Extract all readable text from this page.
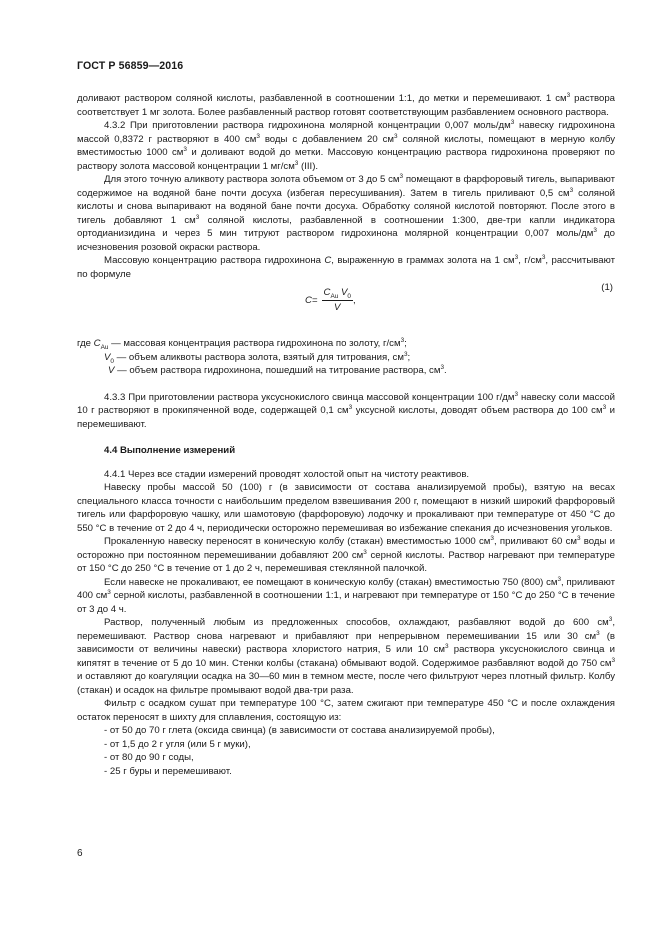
ГОСТ Р 56859—2016

доливают раствором соляной кислоты, разбавленной в соотношении 1:1, до метки и перемешивают. 1 $см^3$ раствора соответствует 1 мг золота. Более разбавленный раствор готовят соответствующим разбавлением основного раствора.

4.3.2 При приготовлении раствора гидрохинона молярной концентрации 0,007 моль/$дм^3$ навеску гидрохинона массой 0,8372 г растворяют в 400 $см^3$ воды с добавлением 20 $см^3$ соляной кислоты, помещают в мерную колбу вместимостью 1000 $см^3$ и доливают водой до метки. Массовую концентрацию раствора гидрохинона проверяют по раствору золота массовой концентрации 1 $мг/см^3$ (III).

Для этого точную аликвоту раствора золота объемом от 3 до 5 $см^3$ помещают в фарфоровый тигель, выпаривают содержимое на водяной бане почти досуха (избегая пересушивания). Затем в тигель приливают 0,5 $см^3$ соляной кислоты и снова выпаривают на водяной бане почти досуха. Обработку соляной кислотой повторяют. После этого в тигель добавляют 1 $см^3$ соляной кислоты, разбавленной в соотношении 1:300, две-три капли индикатора ортодианизидина и через 5 мин титруют раствором гидрохинона молярной концентрации 0,007 моль/$дм^3$ до исчезновения розовой окраски раствора.

Массовую концентрацию раствора гидрохинона C, выраженную в граммах золота на 1 $см^3$, $г/см^3$, рассчитывают по формуле

$C = \frac{C_{Au} V_0}{V}$ ,
(1)

где $C_{Au}$ — массовая концентрация раствора гидрохинона по золоту, $г/см^3$;

$V_0$ — объем аликвоты раствора золота, взятый для титрования, $см^3$;

V — объем раствора гидрохинона, пошедший на титрование раствора, $см^3$.

4.3.3 При приготовлении раствора уксуснокислого свинца массовой концентрации 100 $г/дм^3$ навеску соли массой 10 г растворяют в прокипяченной воде, содержащей 0,1 $см^3$ уксусной кислоты, доводят объем раствора до 100 $см^3$ и перемешивают.

4.4 Выполнение измерений

4.4.1 Через все стадии измерений проводят холостой опыт на чистоту реактивов.

Навеску пробы массой 50 (100) г (в зависимости от состава анализируемой пробы), взятую на весах специального класса точности с наибольшим пределом взвешивания 200 г, помещают в низкий широкий фарфоровый тигель или фарфоровую чашку, или шамотовую (фарфоровую) лодочку и прокаливают при температуре от 450 °С до 550 °С в течение от 2 до 4 ч, периодически осторожно перемешивая во избежание спекания до исчезновения угольков.

Прокаленную навеску переносят в коническую колбу (стакан) вместимостью 1000 $см^3$, приливают 60 $см^3$ воды и осторожно при постоянном перемешивании добавляют 200 $см^3$ серной кислоты. Раствор нагревают при температуре от 150 °С до 250 °С в течение от 1 до 2 ч, перемешивая стеклянной палочкой.

Если навеске не прокаливают, ее помещают в коническую колбу (стакан) вместимостью 750 (800) $см^3$, приливают 400 $см^3$ серной кислоты, разбавленной в соотношении 1:1, и нагревают при температуре от 150 °С до 250 °С в течение от 3 до 4 ч.

Раствор, полученный любым из предложенных способов, охлаждают, разбавляют водой до 600 $см^3$, перемешивают. Раствор снова нагревают и прибавляют при непрерывном перемешивании 15 или 30 $см^3$ (в зависимости от величины навески) раствора хлористого натрия, 5 или 10 $см^3$ раствора уксуснокислого свинца и кипятят в течение от 5 до 10 мин. Стенки колбы (стакана) обмывают водой. Содержимое разбавляют водой до 750 $см^3$ и оставляют до коагуляции осадка на 30—60 мин в темном месте, после чего фильтруют через плотный фильтр. Колбу (стакан) и осадок на фильтре промывают водой два-три раза.

Фильтр с осадком сушат при температуре 100 °С, затем сжигают при температуре 450 °С и после охлаждения остаток переносят в шихту для сплавления, состоящую из:

- от 50 до 70 г глета (оксида свинца) (в зависимости от состава анализируемой пробы),

- от 1,5 до 2 г угля (или 5 г муки),

- от 80 до 90 г соды,

- 25 г буры и перемешивают.

6
